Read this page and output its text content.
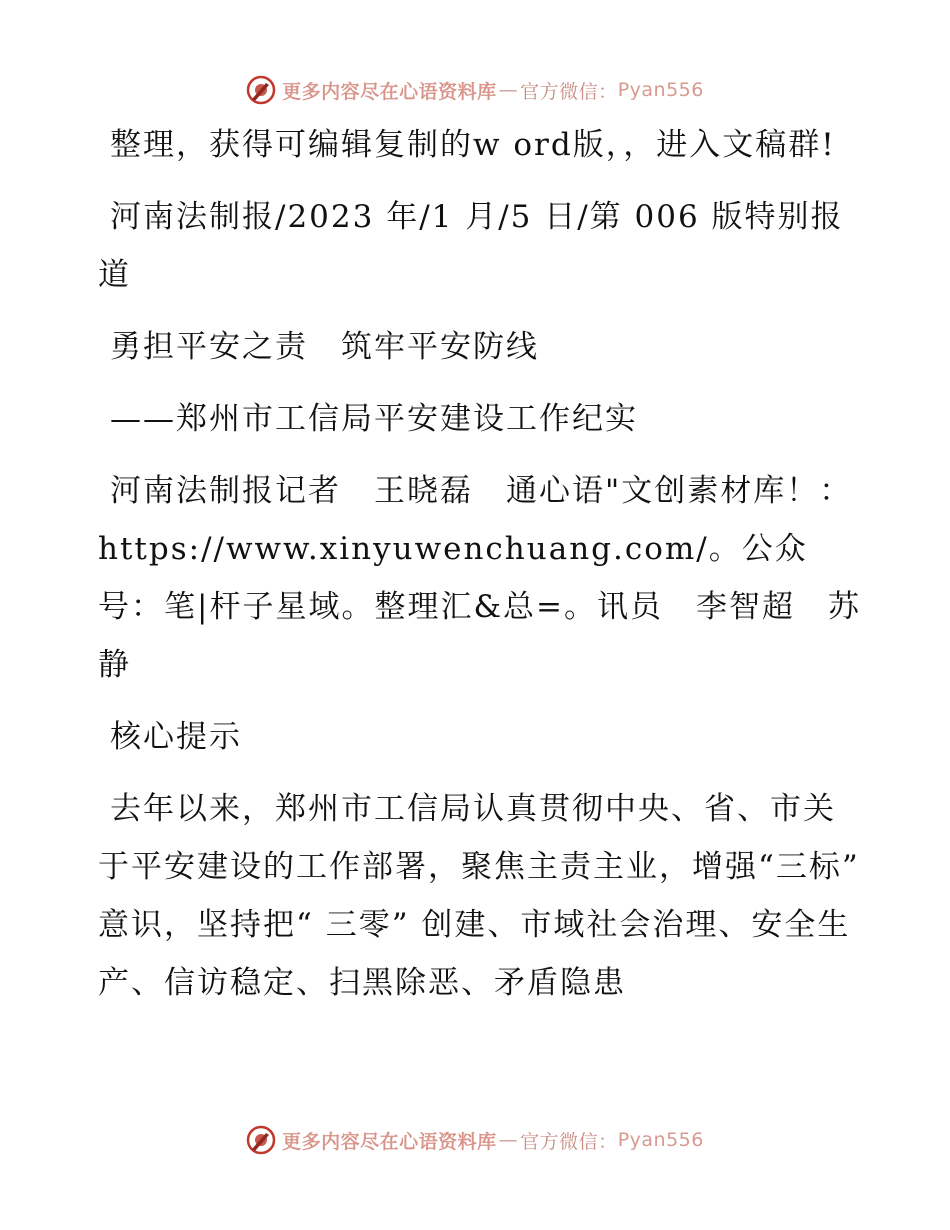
更多内容尽在心语资料库 — 官方微信： Pyan556

整理，获得可编辑复制的w ord版，，进入文稿群!

河南法制报/2023 年/1 月/5 日/第 006 版特别报道

勇担平安之责　筑牢平安防线

——郑州市工信局平安建设工作纪实

河南法制报记者　王晓磊　通心语"文创素材库！：https://www.xinyuwenchuang.com/。公众号：笔|杆子星域。整理汇&总=。讯员　李智超　苏静

核心提示

去年以来，郑州市工信局认真贯彻中央、省、市关于平安建设的工作部署，聚焦主责主业，增强“三标” 意识，坚持把“ 三零” 创建、市域社会治理、安全生产、信访稳定、扫黑除恶、矛盾隐患

更多内容尽在心语资料库 — 官方微信： Pyan556
